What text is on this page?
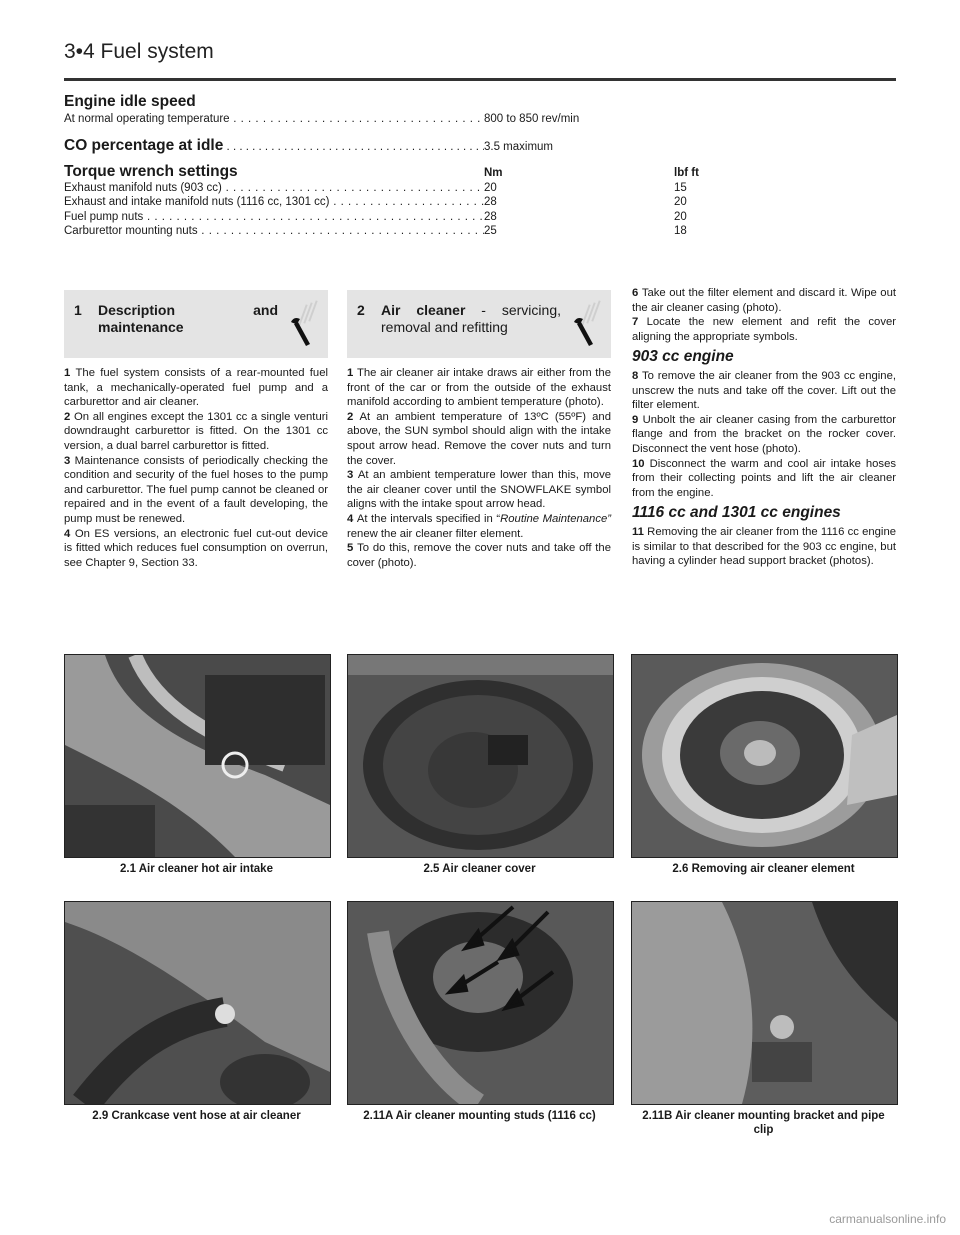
3•4 Fuel system
Engine idle speed
At normal operating temperature . . .	800 to 850 rev/min
CO percentage at idle . . .	3.5 maximum
Torque wrench settings	Nm	lbf ft
Exhaust manifold nuts (903 cc) . . .	20	15
Exhaust and intake manifold nuts (1116 cc, 1301 cc) . . .	28	20
Fuel pump nuts . . .	28	20
Carburettor mounting nuts . . .	25	18
1 Description and maintenance

1 The fuel system consists of a rear-mounted fuel tank, a mechanically-operated fuel pump and a carburettor and air cleaner.

2 On all engines except the 1301 cc a single venturi downdraught carburettor is fitted. On the 1301 cc version, a dual barrel carburettor is fitted.

3 Maintenance consists of periodically checking the condition and security of the fuel hoses to the pump and carburettor. The fuel pump cannot be cleaned or repaired and in the event of a fault developing, the pump must be renewed.

4 On ES versions, an electronic fuel cut-out device is fitted which reduces fuel consumption on overrun, see Chapter 9, Section 33.

2 Air cleaner - servicing, removal and refitting

1 The air cleaner air intake draws air either from the front of the car or from the outside of the exhaust manifold according to ambient temperature (photo).

2 At an ambient temperature of 13ºC (55ºF) and above, the SUN symbol should align with the intake spout arrow head. Remove the cover nuts and turn the cover.

3 At an ambient temperature lower than this, move the air cleaner cover until the SNOWFLAKE symbol aligns with the intake spout arrow head.

4 At the intervals specified in “Routine Maintenance” renew the air cleaner filter element.

5 To do this, remove the cover nuts and take off the cover (photo).

6 Take out the filter element and discard it. Wipe out the air cleaner casing (photo).

7 Locate the new element and refit the cover aligning the appropriate symbols.

903 cc engine

8 To remove the air cleaner from the 903 cc engine, unscrew the nuts and take off the cover. Lift out the filter element.

9 Unbolt the air cleaner casing from the carburettor flange and from the bracket on the rocker cover. Disconnect the vent hose (photo).

10 Disconnect the warm and cool air intake hoses from their collecting points and lift the air cleaner from the engine.

1116 cc and 1301 cc engines

11 Removing the air cleaner from the 1116 cc engine is similar to that described for the 903 cc engine, but having a cylinder head support bracket (photos).

2.1 Air cleaner hot air intake	2.5 Air cleaner cover	2.6 Removing air cleaner element
2.9 Crankcase vent hose at air cleaner	2.11A Air cleaner mounting studs (1116 cc)	2.11B Air cleaner mounting bracket and pipe clip
carmanualsonline.info
